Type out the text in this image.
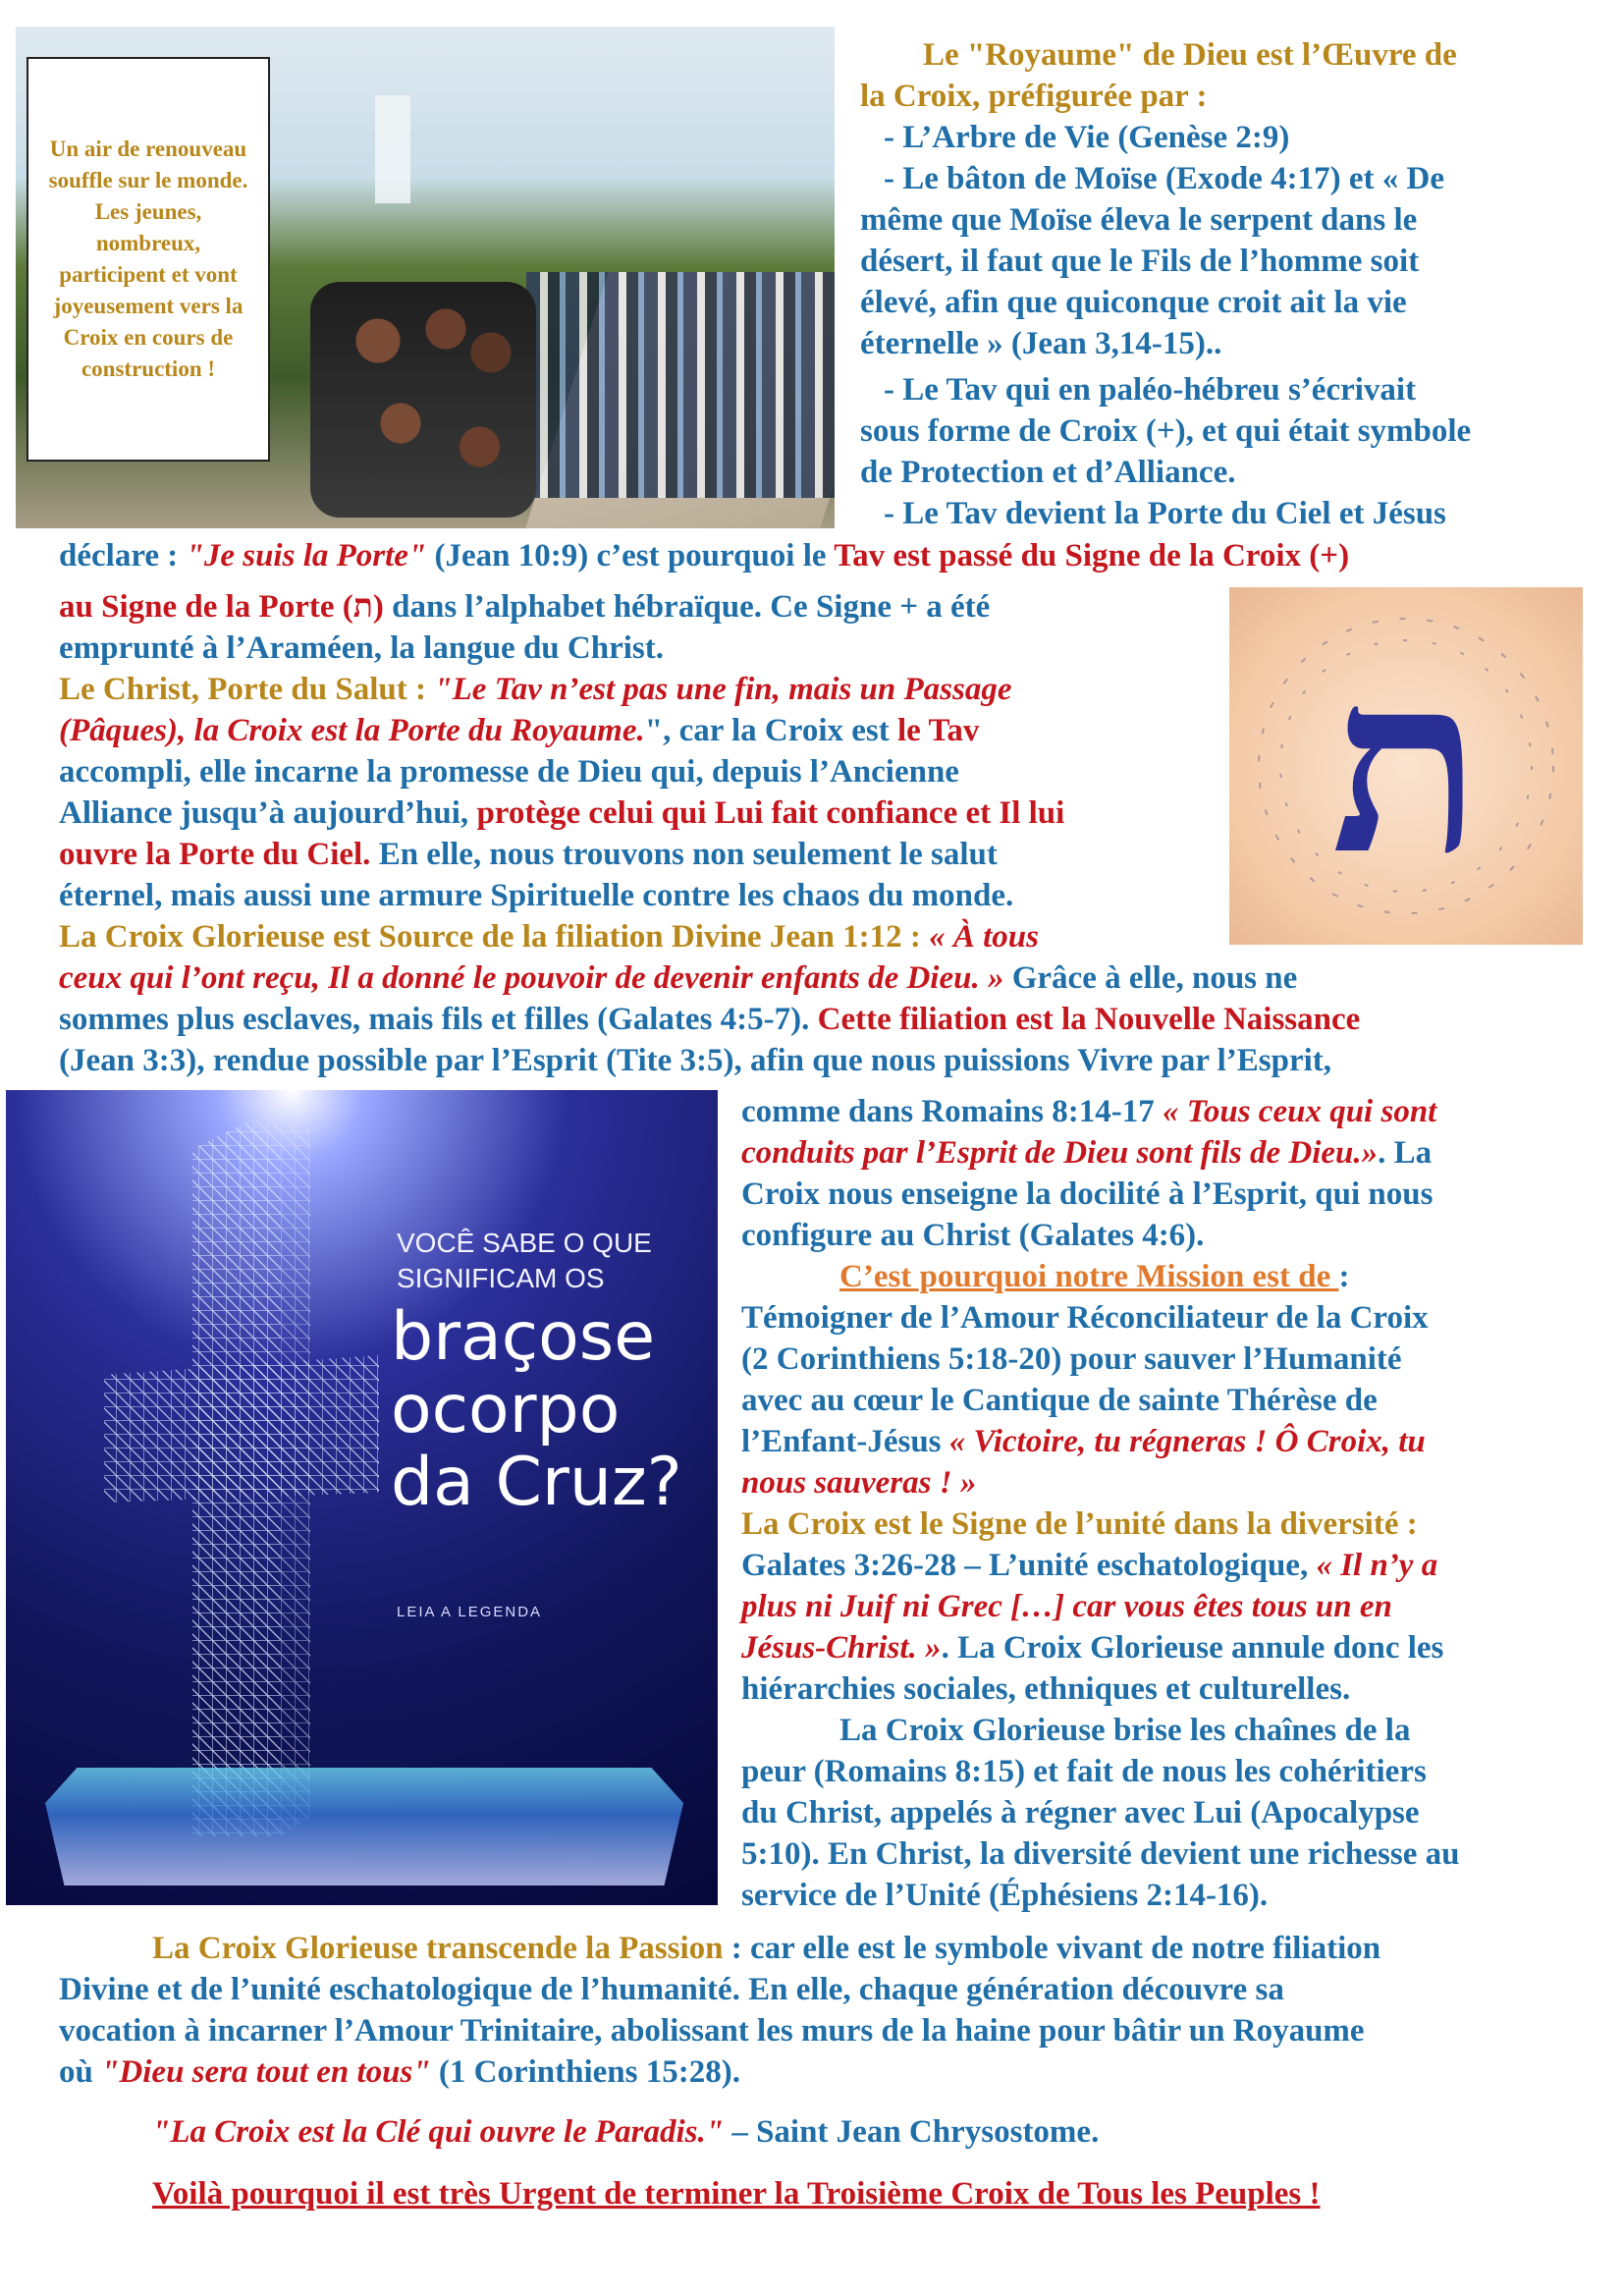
Un air de renouveau souffle sur le monde. Les jeunes, nombreux, participent et vont joyeusement vers la Croix en cours de construction !
ת
VOCÊ SABE O QUE
SIGNIFICAM OS
braçose
ocorpo
da Cruz?
LEIA A LEGENDA
Le "Royaume" de Dieu est l’Œuvre de
la Croix, préfigurée par :
- L’Arbre de Vie (Genèse 2:9)
- Le bâton de Moïse (Exode 4:17) et « De
même que Moïse éleva le serpent dans le
désert, il faut que le Fils de l’homme soit
élevé, afin que quiconque croit ait la vie
éternelle » (Jean 3,14-15)..
- Le Tav qui en paléo-hébreu s’écrivait
sous forme de Croix (+), et qui était symbole
de Protection et d’Alliance.
- Le Tav devient la Porte du Ciel et Jésus
déclare : "Je suis la Porte" (Jean 10:9) c’est pourquoi le Tav est passé du Signe de la Croix (+)
au Signe de la Porte (ת) dans l’alphabet hébraïque. Ce Signe + a été
emprunté à l’Araméen, la langue du Christ.
Le Christ, Porte du Salut : "Le Tav n’est pas une fin, mais un Passage
(Pâques), la Croix est la Porte du Royaume.", car la Croix est le Tav
accompli, elle incarne la promesse de Dieu qui, depuis l’Ancienne
Alliance jusqu’à aujourd’hui, protège celui qui Lui fait confiance et Il lui
ouvre la Porte du Ciel. En elle, nous trouvons non seulement le salut
éternel, mais aussi une armure Spirituelle contre les chaos du monde.
La Croix Glorieuse est Source de la filiation Divine Jean 1:12 : « À tous
ceux qui l’ont reçu, Il a donné le pouvoir de devenir enfants de Dieu. » Grâce à elle, nous ne
sommes plus esclaves, mais fils et filles (Galates 4:5-7). Cette filiation est la Nouvelle Naissance
(Jean 3:3), rendue possible par l’Esprit (Tite 3:5), afin que nous puissions Vivre par l’Esprit,
comme dans Romains 8:14-17 « Tous ceux qui sont
conduits par l’Esprit de Dieu sont fils de Dieu.». La
Croix nous enseigne la docilité à l’Esprit, qui nous
configure au Christ (Galates 4:6).
C’est pourquoi notre Mission est de :
Témoigner de l’Amour Réconciliateur de la Croix
(2 Corinthiens 5:18-20) pour sauver l’Humanité
avec au cœur le Cantique de sainte Thérèse de
l’Enfant-Jésus « Victoire, tu régneras ! Ô Croix, tu
nous sauveras ! »
La Croix est le Signe de l’unité dans la diversité :
Galates 3:26-28 – L’unité eschatologique, « Il n’y a
plus ni Juif ni Grec […] car vous êtes tous un en
Jésus-Christ. ». La Croix Glorieuse annule donc les
hiérarchies sociales, ethniques et culturelles.
La Croix Glorieuse brise les chaînes de la
peur (Romains 8:15) et fait de nous les cohéritiers
du Christ, appelés à régner avec Lui (Apocalypse
5:10). En Christ, la diversité devient une richesse au
service de l’Unité (Éphésiens 2:14-16).
La Croix Glorieuse transcende la Passion : car elle est le symbole vivant de notre filiation
Divine et de l’unité eschatologique de l’humanité. En elle, chaque génération découvre sa
vocation à incarner l’Amour Trinitaire, abolissant les murs de la haine pour bâtir un Royaume
où "Dieu sera tout en tous" (1 Corinthiens 15:28).
"La Croix est la Clé qui ouvre le Paradis." – Saint Jean Chrysostome.
Voilà pourquoi il est très Urgent de terminer la Troisième Croix de Tous les Peuples !
